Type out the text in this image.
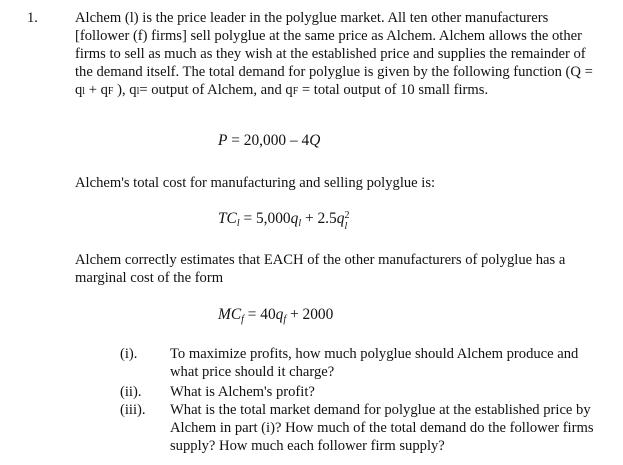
1.	Alchem (l) is the price leader in the polyglue market. All ten other manufacturers [follower (f) firms] sell polyglue at the same price as Alchem. Alchem allows the other firms to sell as much as they wish at the established price and supplies the remainder of the demand itself. The total demand for polyglue is given by the following function (Q = ql + qF ), ql= output of Alchem, and qF = total output of 10 small firms.
P = 20,000 – 4Q
Alchem's total cost for manufacturing and selling polyglue is:
$TC_l = 5,000q_l + 2.5q$ 2
l
Alchem correctly estimates that EACH of the other manufacturers of polyglue has a marginal cost of the form
$MC_f = 40q_f + 2000$
(i). To maximize profits, how much polyglue should Alchem produce and what price should it charge?
(ii). What is Alchem's profit?
(iii). What is the total market demand for polyglue at the established price by Alchem in part (i)? How much of the total demand do the follower firms supply? How much each follower firm supply?
